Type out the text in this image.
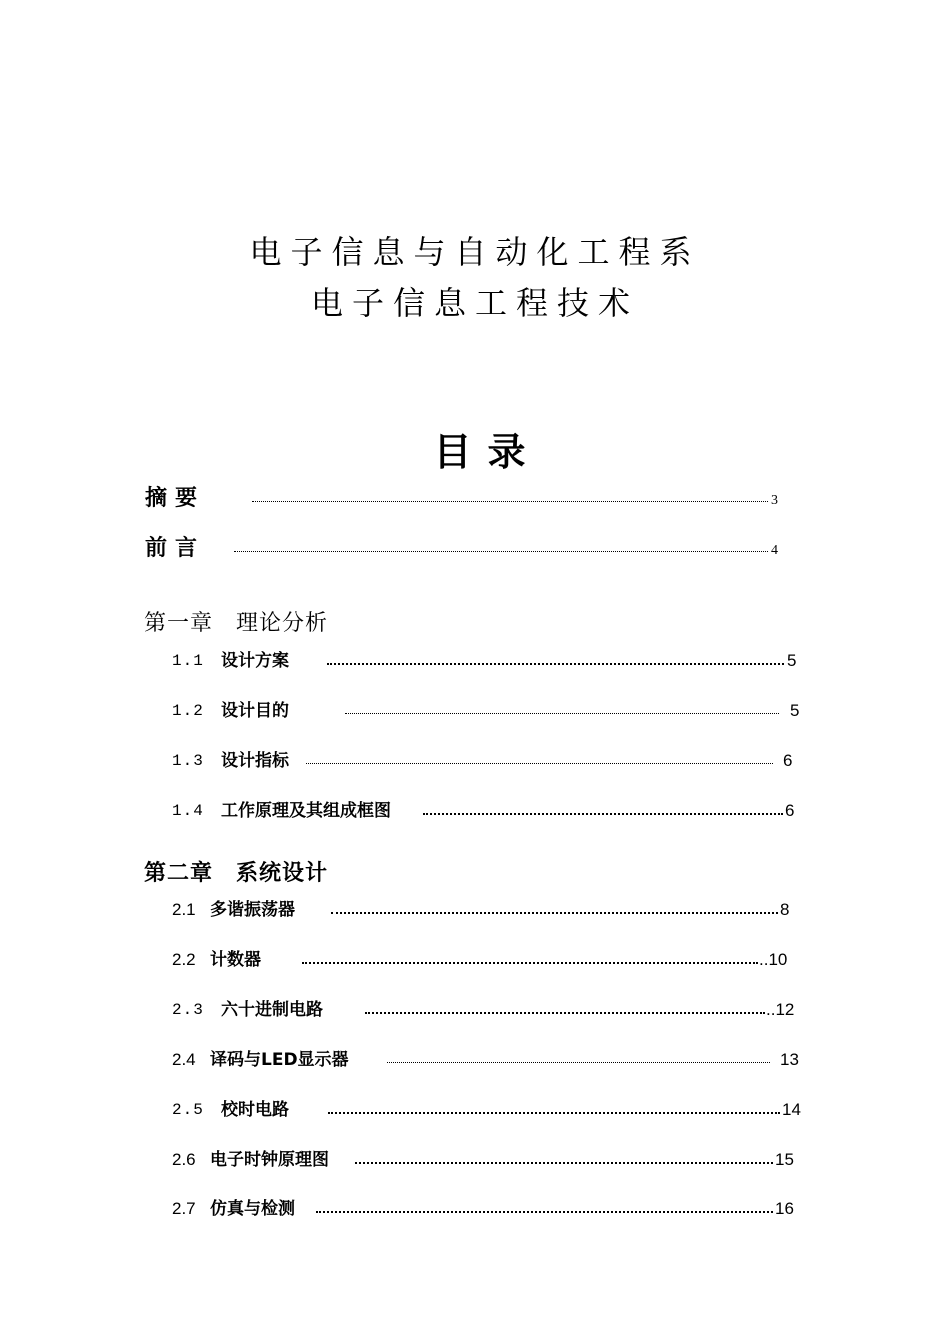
电子信息与自动化工程系
电子信息工程技术
目录
摘要	3
前言	4
第一章　理论分析
1.1 设计方案	5
1.2 设计目的	5
1.3 设计指标	6
1.4 工作原理及其组成框图	6
第二章　系统设计
2.1 多谐振荡器	8
2.2 计数器	..10
2.3 六十进制电路	..12
2.4 译码与LED显示器	13
2.5 校时电路	14
2.6 电子时钟原理图	15
2.7 仿真与检测	16
